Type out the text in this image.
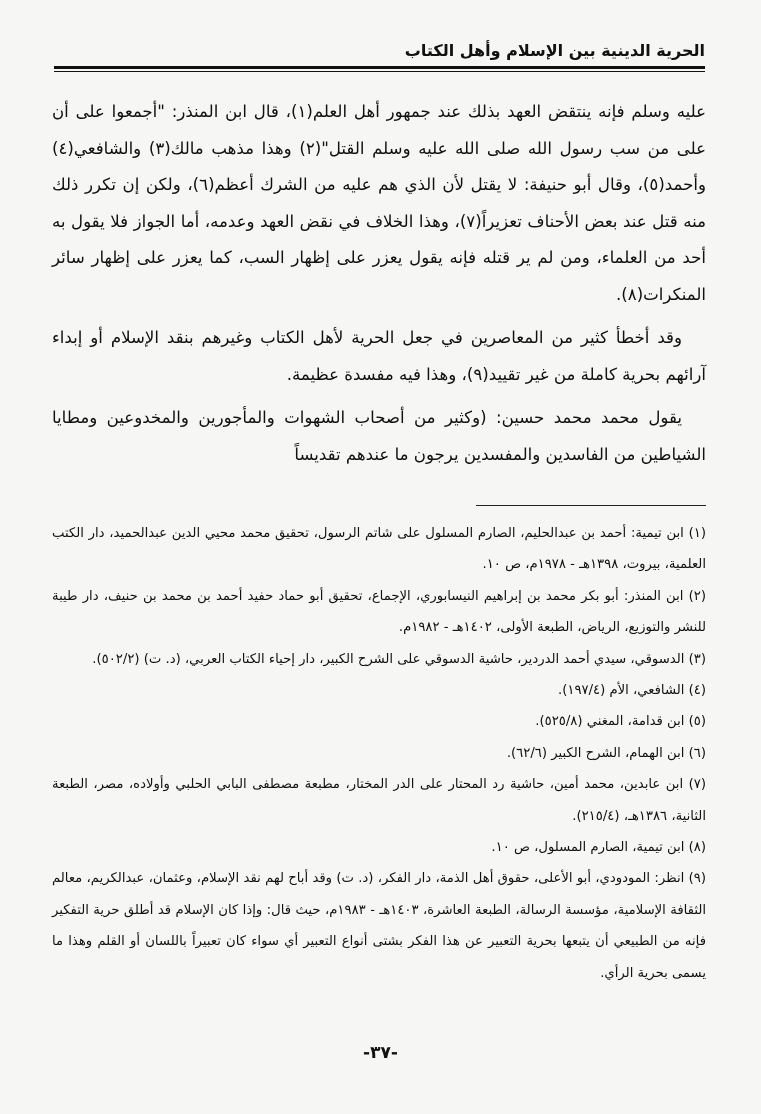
الحرية الدينية بين الإسلام وأهل الكتاب

عليه وسلم فإنه ينتقض العهد بذلك عند جمهور أهل العلم(١)، قال ابن المنذر: "أجمعوا على أن على من سب رسول الله صلى الله عليه وسلم القتل"(٢) وهذا مذهب مالك(٣) والشافعي(٤) وأحمد(٥)، وقال أبو حنيفة: لا يقتل لأن الذي هم عليه من الشرك أعظم(٦)، ولكن إن تكرر ذلك منه قتل عند بعض الأحناف تعزيراً(٧)، وهذا الخلاف في نقض العهد وعدمه، أما الجواز فلا يقول به أحد من العلماء، ومن لم ير قتله فإنه يقول يعزر على إظهار السب، كما يعزر على إظهار سائر المنكرات(٨).

وقد أخطأ كثير من المعاصرين في جعل الحرية لأهل الكتاب وغيرهم بنقد الإسلام أو إبداء آرائهم بحرية كاملة من غير تقييد(٩)، وهذا فيه مفسدة عظيمة.

يقول محمد محمد حسين: (وكثير من أصحاب الشهوات والمأجورين والمخدوعين ومطايا الشياطين من الفاسدين والمفسدين يرجون ما عندهم تقديساً

(١) ابن تيمية: أحمد بن عبدالحليم، الصارم المسلول على شاتم الرسول، تحقيق محمد محيي الدين عبدالحميد، دار الكتب العلمية، بيروت، ١٣٩٨هـ - ١٩٧٨م، ص ١٠.

(٢) ابن المنذر: أبو بكر محمد بن إبراهيم النيسابوري، الإجماع، تحقيق أبو حماد حفيد أحمد بن محمد بن حنيف، دار طيبة للنشر والتوزيع، الرياض، الطبعة الأولى، ١٤٠٢هـ - ١٩٨٢م.

(٣) الدسوقي، سيدي أحمد الدردير، حاشية الدسوقي على الشرح الكبير، دار إحياء الكتاب العربي، (د. ت) (٥٠٢/٢).

(٤) الشافعي، الأم (١٩٧/٤).

(٥) ابن قدامة، المغني (٥٢٥/٨).

(٦) ابن الهمام، الشرح الكبير (٦٢/٦).

(٧) ابن عابدين، محمد أمين، حاشية رد المحتار على الدر المختار، مطبعة مصطفى البابي الحلبي وأولاده، مصر، الطبعة الثانية، ١٣٨٦هـ، (٢١٥/٤).

(٨) ابن تيمية، الصارم المسلول، ص ١٠.

(٩) انظر: المودودي، أبو الأعلى، حقوق أهل الذمة، دار الفكر، (د. ت) وقد أباح لهم نقد الإسلام، وعثمان، عبدالكريم، معالم الثقافة الإسلامية، مؤسسة الرسالة، الطبعة العاشرة، ١٤٠٣هـ - ١٩٨٣م، حيث قال: وإذا كان الإسلام قد أطلق حرية التفكير فإنه من الطبيعي أن يتبعها بحرية التعبير عن هذا الفكر بشتى أنواع التعبير أي سواء كان تعبيراً باللسان أو القلم وهذا ما يسمى بحرية الرأي.

-٣٧-
